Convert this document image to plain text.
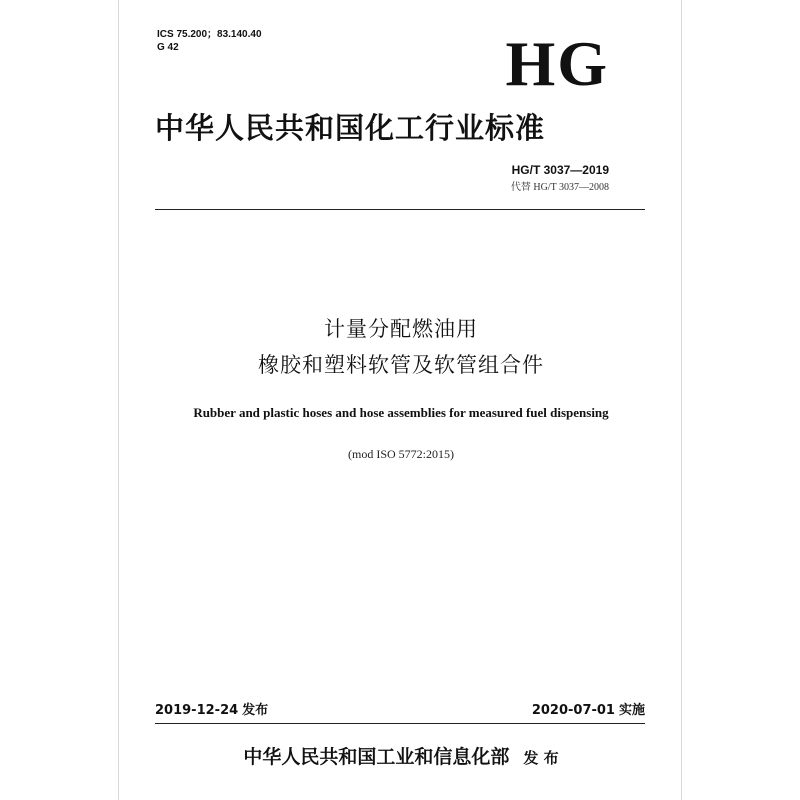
ICS 75.200；83.140.40
G 42	HG
中华人民共和国化工行业标准
HG/T 3037—2019
代替 HG/T 3037—2008
计量分配燃油用
橡胶和塑料软管及软管组合件
Rubber and plastic hoses and hose assemblies for measured fuel dispensing
(mod ISO 5772:2015)
2019-12-24 发布	2020-07-01 实施
中华人民共和国工业和信息化部 发 布
